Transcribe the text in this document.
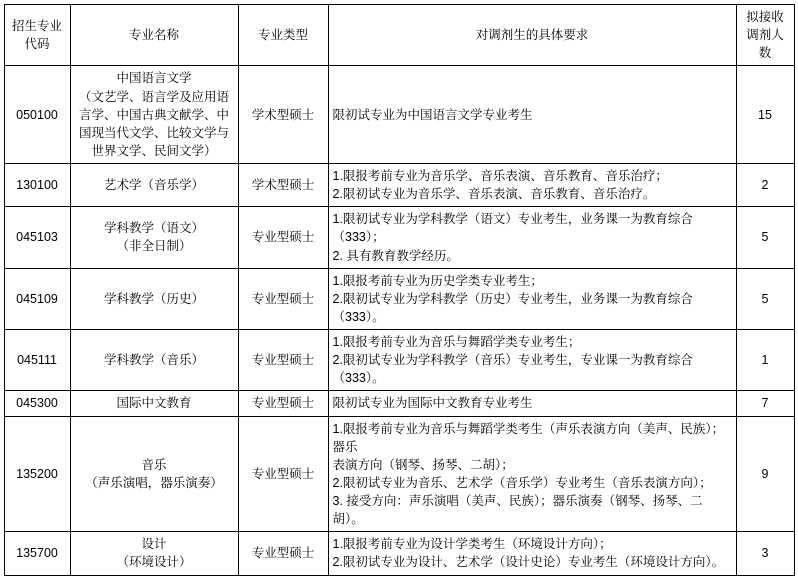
招生专业
代码	专业名称	专业类型	对调剂生的具体要求	拟接收
调剂人数

050100	中国语言文学
（文艺学、语言学及应用语
言学、中国古典文献学、中
国现当代文学、比较文学与
世界文学、民间文学）	学术型硕士	限初试专业为中国语言文学专业考生	15
130100	艺术学（音乐学）	学术型硕士	1.限报考前专业为音乐学、音乐表演、音乐教育、音乐治疗；
2.限初试专业为音乐学、音乐表演、音乐教育、音乐治疗。	2
045103	学科教学（语文）
（非全日制）	专业型硕士	1.限初试专业为学科教学（语文）专业考生，业务课一为教育综合（333）；
2. 具有教育教学经历。	5
045109	学科教学（历史）	专业型硕士	1.限报考前专业为历史学类专业考生；
2.限初试专业为学科教学（历史）专业考生，业务课一为教育综合（333）。	5
045111	学科教学（音乐）	专业型硕士	1.限报考前专业为音乐与舞蹈学类专业考生；
2.限初试专业为学科教学（音乐）专业考生，专业课一为教育综合（333）。	1
045300	国际中文教育	专业型硕士	限初试专业为国际中文教育专业考生	7
135200	音乐
（声乐演唱，器乐演奏）	专业型硕士	1.限报考前专业为音乐与舞蹈学类考生（声乐表演方向（美声、民族）；器乐
表演方向（钢琴、扬琴、二胡）；
2.限初试专业为音乐、艺术学（音乐学）专业考生（音乐表演方向）；
3. 接受方向：声乐演唱（美声、民族）；器乐演奏（钢琴、扬琴、二胡）。	9
135700	设计
（环境设计）	专业型硕士	1.限报考前专业为设计学类考生（环境设计方向）；
2.限初试专业为设计、艺术学（设计史论）专业考生（环境设计方向）。	3
